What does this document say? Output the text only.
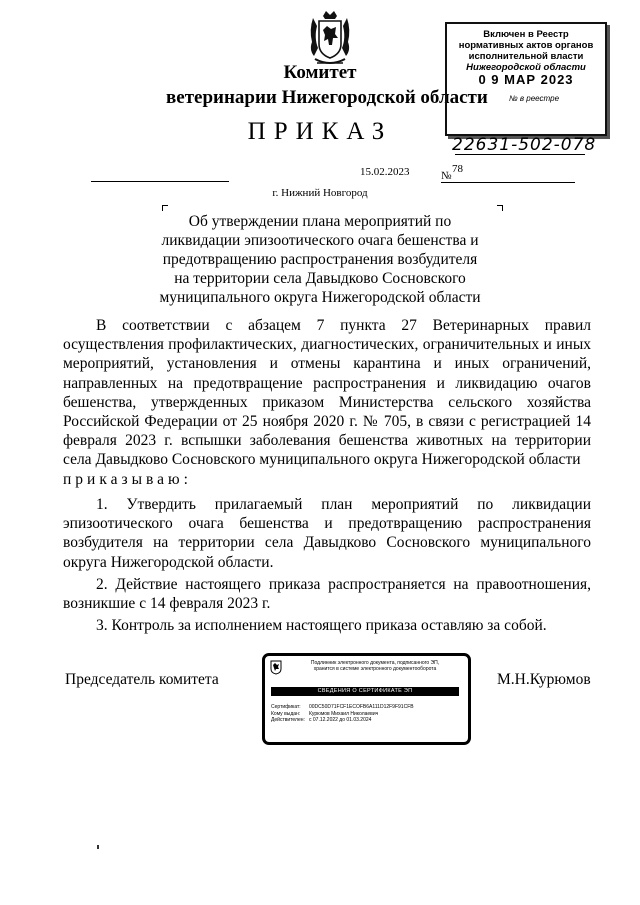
Комитет
ветеринарии Нижегородской области
ПРИКАЗ
Включен в Реестр
нормативных актов органов
исполнительной власти
Нижегородской области
0 9 МАР 2023
№ в реестре
22631-502-078
15.02.2023	№
78
г. Нижний Новгород
Об утверждении плана мероприятий по
ликвидации эпизоотического очага бешенства и
предотвращению распространения возбудителя
на территории села Давыдково Сосновского
муниципального округа Нижегородской области
В соответствии с абзацем 7 пункта 27 Ветеринарных правил
осуществления профилактических, диагностических, ограничительных и иных
мероприятий, установления и отмены карантина и иных ограничений,
направленных на предотвращение распространения и ликвидацию очагов
бешенства, утвержденных приказом Министерства сельского хозяйства
Российской Федерации от 25 ноября 2020 г. № 705, в связи с регистрацией 14
февраля 2023 г. вспышки заболевания бешенства животных на территории
села Давыдково Сосновского муниципального округа Нижегородской области
приказываю:
1. Утвердить прилагаемый план мероприятий по ликвидации
эпизоотического очага бешенства и предотвращению распространения
возбудителя на территории села Давыдково Сосновского муниципального
округа Нижегородской области.
2. Действие настоящего приказа распространяется на правоотношения,
возникшие с 14 февраля 2023 г.
3. Контроль за исполнением настоящего приказа оставляю за собой.
Председатель комитета	М.Н.Курюмов
Подлинник электронного документа, подписанного ЭП,
хранится в системе электронного документооборота
СВЕДЕНИЯ О СЕРТИФИКАТЕ ЭП
Сертификат: 00DC50D71FCF1ECOFB6A111D12F9F91CFB
Кому выдан: Курюмов Михаил Николаевич
Действителен: с 07.12.2022 до 01.03.2024
